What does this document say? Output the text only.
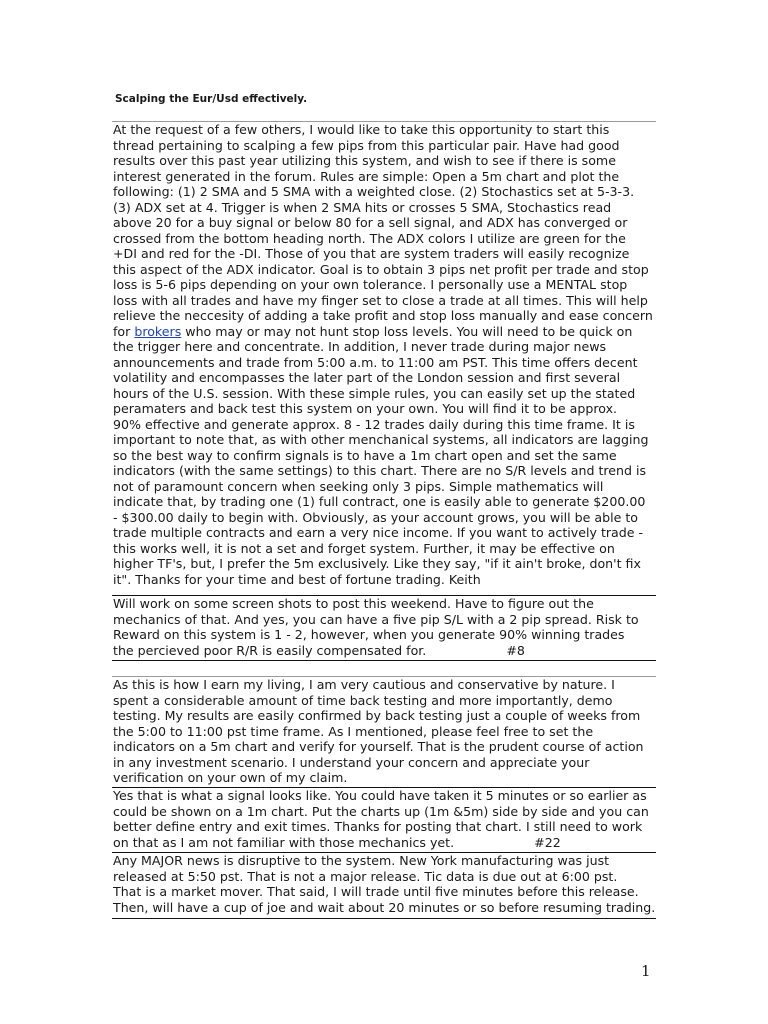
Scalping the Eur/Usd effectively.
At the request of a few others, I would like to take this opportunity to start this
thread pertaining to scalping a few pips from this particular pair. Have had good
results over this past year utilizing this system, and wish to see if there is some
interest generated in the forum. Rules are simple: Open a 5m chart and plot the
following: (1) 2 SMA and 5 SMA with a weighted close. (2) Stochastics set at 5-3-3.
(3) ADX set at 4. Trigger is when 2 SMA hits or crosses 5 SMA, Stochastics read
above 20 for a buy signal or below 80 for a sell signal, and ADX has converged or
crossed from the bottom heading north. The ADX colors I utilize are green for the
+DI and red for the -DI. Those of you that are system traders will easily recognize
this aspect of the ADX indicator. Goal is to obtain 3 pips net profit per trade and stop
loss is 5-6 pips depending on your own tolerance. I personally use a MENTAL stop
loss with all trades and have my finger set to close a trade at all times. This will help
relieve the neccesity of adding a take profit and stop loss manually and ease concern
for brokers who may or may not hunt stop loss levels. You will need to be quick on
the trigger here and concentrate. In addition, I never trade during major news
announcements and trade from 5:00 a.m. to 11:00 am PST. This time offers decent
volatility and encompasses the later part of the London session and first several
hours of the U.S. session. With these simple rules, you can easily set up the stated
peramaters and back test this system on your own. You will find it to be approx.
90% effective and generate approx. 8 - 12 trades daily during this time frame. It is
important to note that, as with other menchanical systems, all indicators are lagging
so the best way to confirm signals is to have a 1m chart open and set the same
indicators (with the same settings) to this chart. There are no S/R levels and trend is
not of paramount concern when seeking only 3 pips. Simple mathematics will
indicate that, by trading one (1) full contract, one is easily able to generate $200.00
- $300.00 daily to begin with. Obviously, as your account grows, you will be able to
trade multiple contracts and earn a very nice income. If you want to actively trade -
this works well, it is not a set and forget system. Further, it may be effective on
higher TF's, but, I prefer the 5m exclusively. Like they say, "if it ain't broke, don't fix
it". Thanks for your time and best of fortune trading. Keith
Will work on some screen shots to post this weekend. Have to figure out the
mechanics of that. And yes, you can have a five pip S/L with a 2 pip spread. Risk to
Reward on this system is 1 - 2, however, when you generate 90% winning trades
the percieved poor R/R is easily compensated for.                    #8
As this is how I earn my living, I am very cautious and conservative by nature. I
spent a considerable amount of time back testing and more importantly, demo
testing. My results are easily confirmed by back testing just a couple of weeks from
the 5:00 to 11:00 pst time frame. As I mentioned, please feel free to set the
indicators on a 5m chart and verify for yourself. That is the prudent course of action
in any investment scenario. I understand your concern and appreciate your
verification on your own of my claim.
Yes that is what a signal looks like. You could have taken it 5 minutes or so earlier as
could be shown on a 1m chart. Put the charts up (1m &5m) side by side and you can
better define entry and exit times. Thanks for posting that chart. I still need to work
on that as I am not familiar with those mechanics yet.                    #22
Any MAJOR news is disruptive to the system. New York manufacturing was just
released at 5:50 pst. That is not a major release. Tic data is due out at 6:00 pst.
That is a market mover. That said, I will trade until five minutes before this release.
Then, will have a cup of joe and wait about 20 minutes or so before resuming trading.
1
